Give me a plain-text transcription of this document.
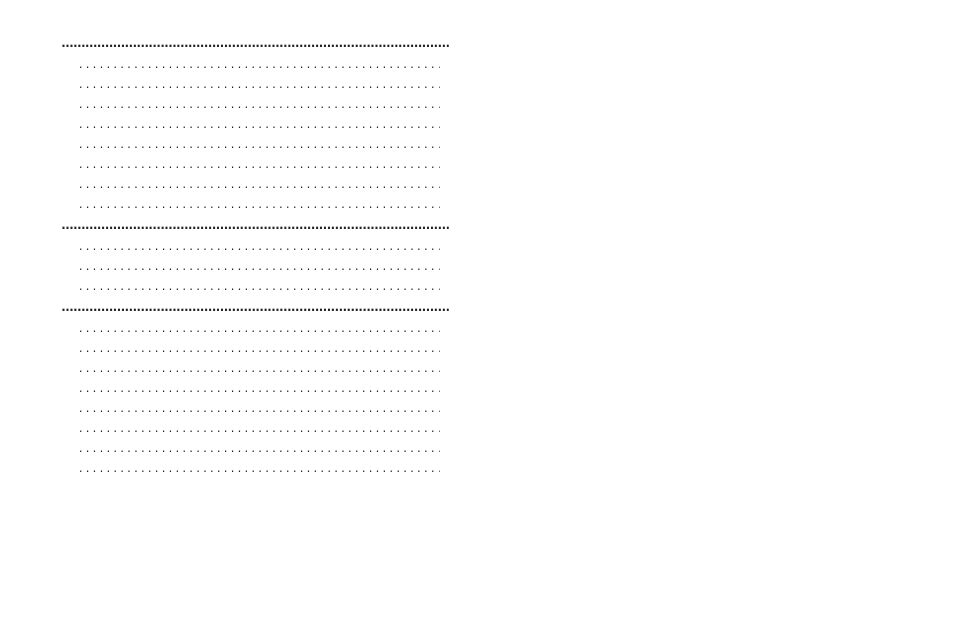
.....
. . .
. . .
. . .
. . .
. . .
. . .
. . .
. . .
.....
. . .
. . .
. . .
.....
. . .
. . .
. . .
. . .
. . .
. . .
. . .
. . .
